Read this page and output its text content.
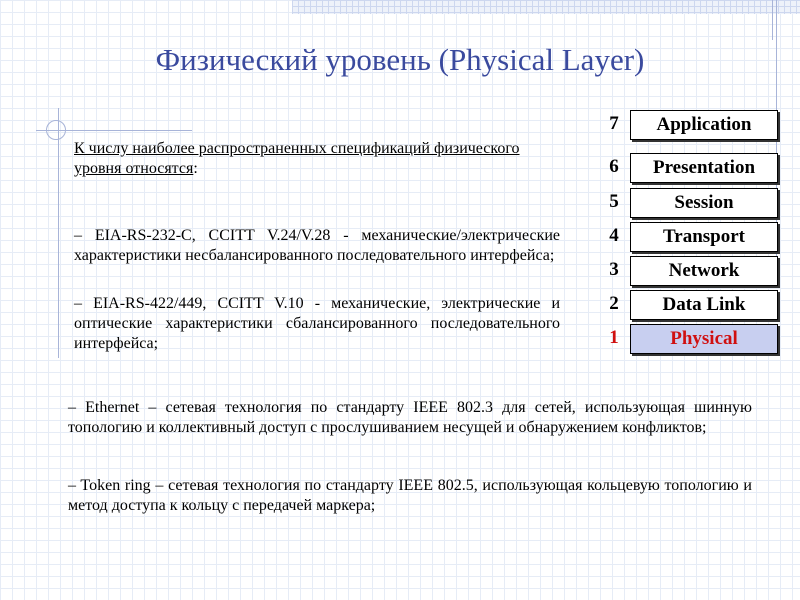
Физический уровень (Physical Layer)
К числу наиболее распространенных спецификаций физического уровня относятся:
– EIA-RS-232-C, CCITT V.24/V.28 - механические/электрические характеристики несбалансированного последовательного интерфейса;
– EIA-RS-422/449, CCITT V.10 - механические, электрические и оптические характеристики сбалансированного последовательного интерфейса;
– Ethernet – сетевая технология по стандарту IEEE 802.3 для сетей, использующая шинную топологию и коллективный доступ с прослушиванием несущей и обнаружением конфликтов;
– Token ring – сетевая технология по стандарту IEEE 802.5, использующая кольцевую топологию и метод доступа к кольцу с передачей маркера;
7	Application
6	Presentation
5	Session
4	Transport
3	Network
2	Data Link
1	Physical
